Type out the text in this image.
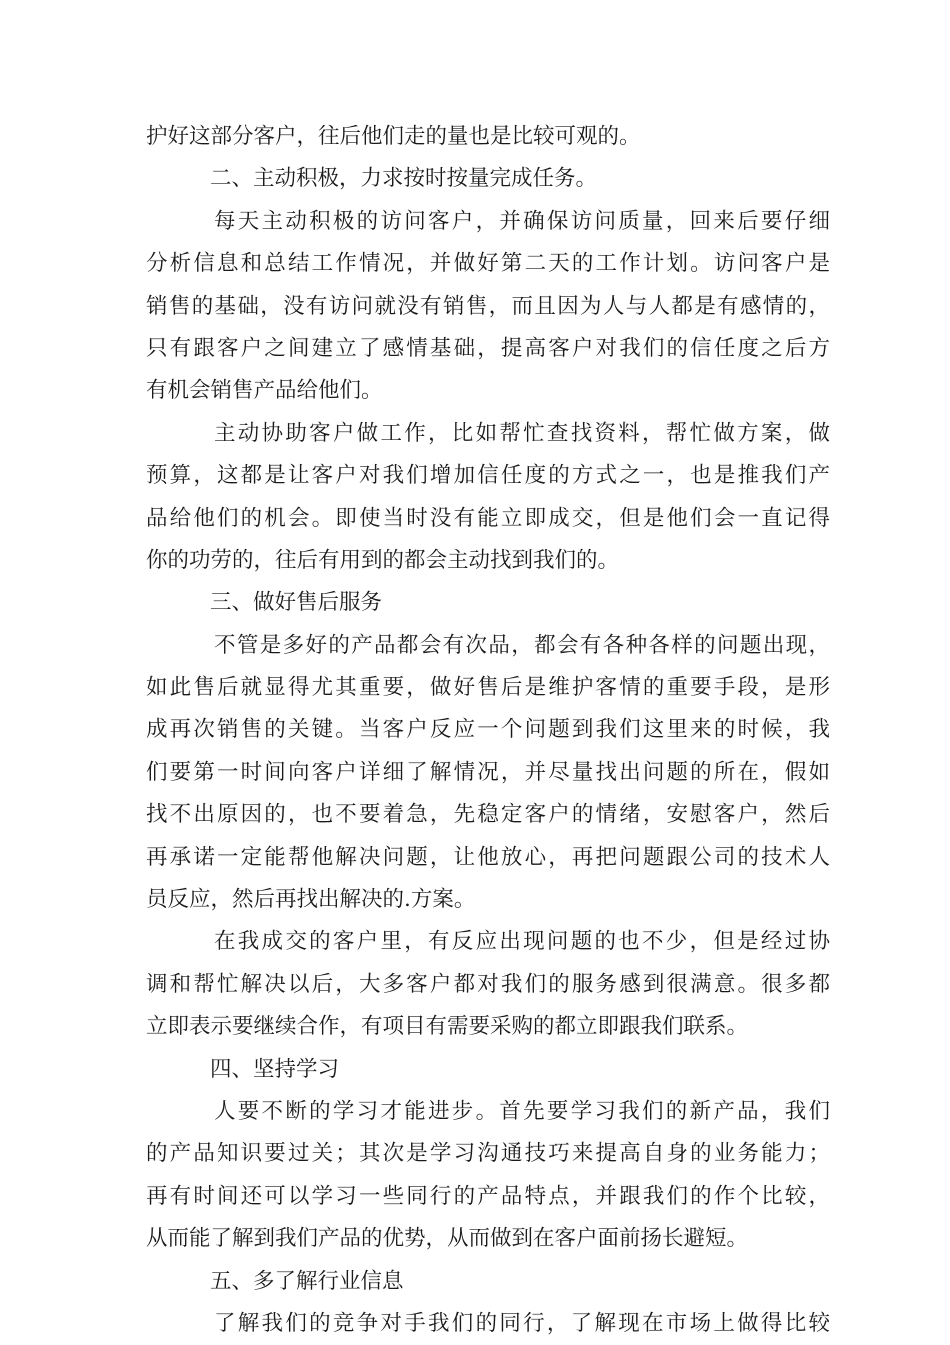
护好这部分客户，往后他们走的量也是比较可观的。
二、主动积极，力求按时按量完成任务。
每天主动积极的访问客户，并确保访问质量，回来后要仔细
分析信息和总结工作情况，并做好第二天的工作计划。访问客户是
销售的基础，没有访问就没有销售，而且因为人与人都是有感情的，
只有跟客户之间建立了感情基础，提高客户对我们的信任度之后方
有机会销售产品给他们。
主动协助客户做工作，比如帮忙查找资料，帮忙做方案，做
预算，这都是让客户对我们增加信任度的方式之一，也是推我们产
品给他们的机会。即使当时没有能立即成交，但是他们会一直记得
你的功劳的，往后有用到的都会主动找到我们的。
三、做好售后服务
不管是多好的产品都会有次品，都会有各种各样的问题出现，
如此售后就显得尤其重要，做好售后是维护客情的重要手段，是形
成再次销售的关键。当客户反应一个问题到我们这里来的时候，我
们要第一时间向客户详细了解情况，并尽量找出问题的所在，假如
找不出原因的，也不要着急，先稳定客户的情绪，安慰客户，然后
再承诺一定能帮他解决问题，让他放心，再把问题跟公司的技术人
员反应，然后再找出解决的.方案。
在我成交的客户里，有反应出现问题的也不少，但是经过协
调和帮忙解决以后，大多客户都对我们的服务感到很满意。很多都
立即表示要继续合作，有项目有需要采购的都立即跟我们联系。
四、坚持学习
人要不断的学习才能进步。首先要学习我们的新产品，我们
的产品知识要过关；其次是学习沟通技巧来提高自身的业务能力；
再有时间还可以学习一些同行的产品特点，并跟我们的作个比较，
从而能了解到我们产品的优势，从而做到在客户面前扬长避短。
五、多了解行业信息
了解我们的竞争对手我们的同行，了解现在市场上做得比较
